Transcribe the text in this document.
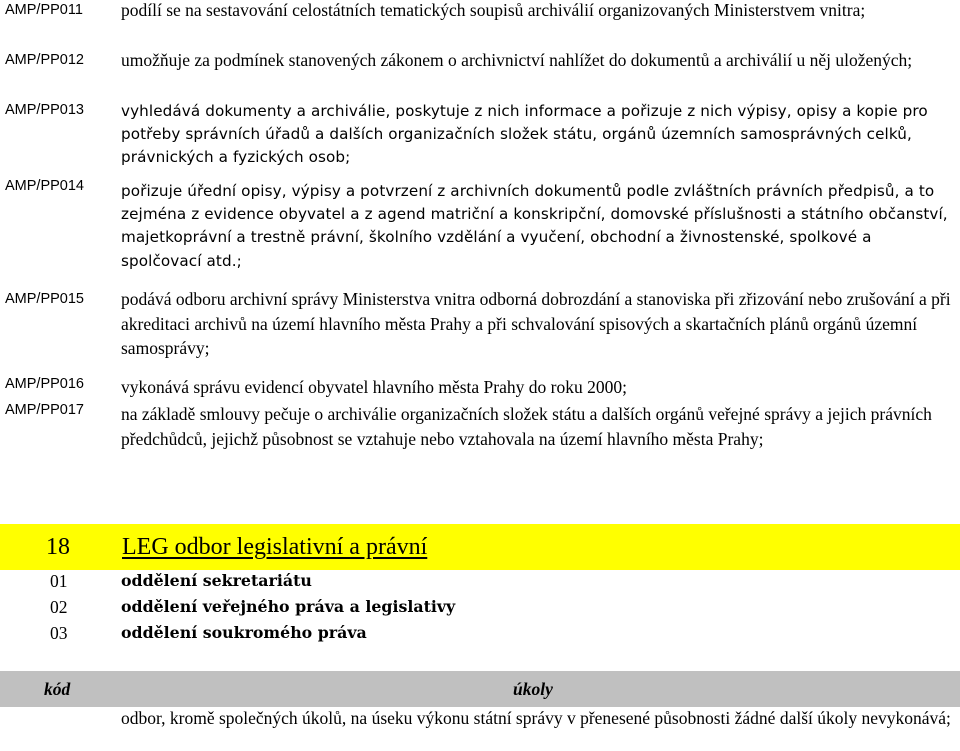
AMP/PP011 podílí se na sestavování celostátních tematických soupisů archiválií organizovaných Ministerstvem vnitra;
AMP/PP012 umožňuje za podmínek stanovených zákonem o archivnictví nahlížet do dokumentů a archiválií u něj uložených;
AMP/PP013 vyhledává dokumenty a archiválie, poskytuje z nich informace a pořizuje z nich výpisy, opisy a kopie pro potřeby správních úřadů a dalších organizačních složek státu, orgánů územních samosprávných celků, právnických a fyzických osob;
AMP/PP014 pořizuje úřední opisy, výpisy a potvrzení z archivních dokumentů podle zvláštních právních předpisů, a to zejména z evidence obyvatel a z agend matriční a konskripční, domovské příslušnosti a státního občanství, majetkoprávní a trestně právní, školního vzdělání a vyučení, obchodní a živnostenské, spolkové a spolčovací atd.;
AMP/PP015 podává odboru archivní správy Ministerstva vnitra odborná dobrozdání a stanoviska při zřizování nebo zrušování a při akreditaci archivů na území hlavního města Prahy a při schvalování spisových a skartačních plánů orgánů územní samosprávy;
AMP/PP016 vykonává správu evidencí obyvatel hlavního města Prahy do roku 2000;
AMP/PP017 na základě smlouvy pečuje o archiválie organizačních složek státu a dalších orgánů veřejné správy a jejich právních předchůdců, jejichž působnost se vztahuje nebo vztahovala na území hlavního města Prahy;
18 LEG odbor legislativní a právní
01	oddělení sekretariátu
02	oddělení veřejného práva a legislativy
03	oddělení soukromého práva
kód	úkoly
odbor, kromě společných úkolů, na úseku výkonu státní správy v přenesené působnosti žádné další úkoly nevykonává;
